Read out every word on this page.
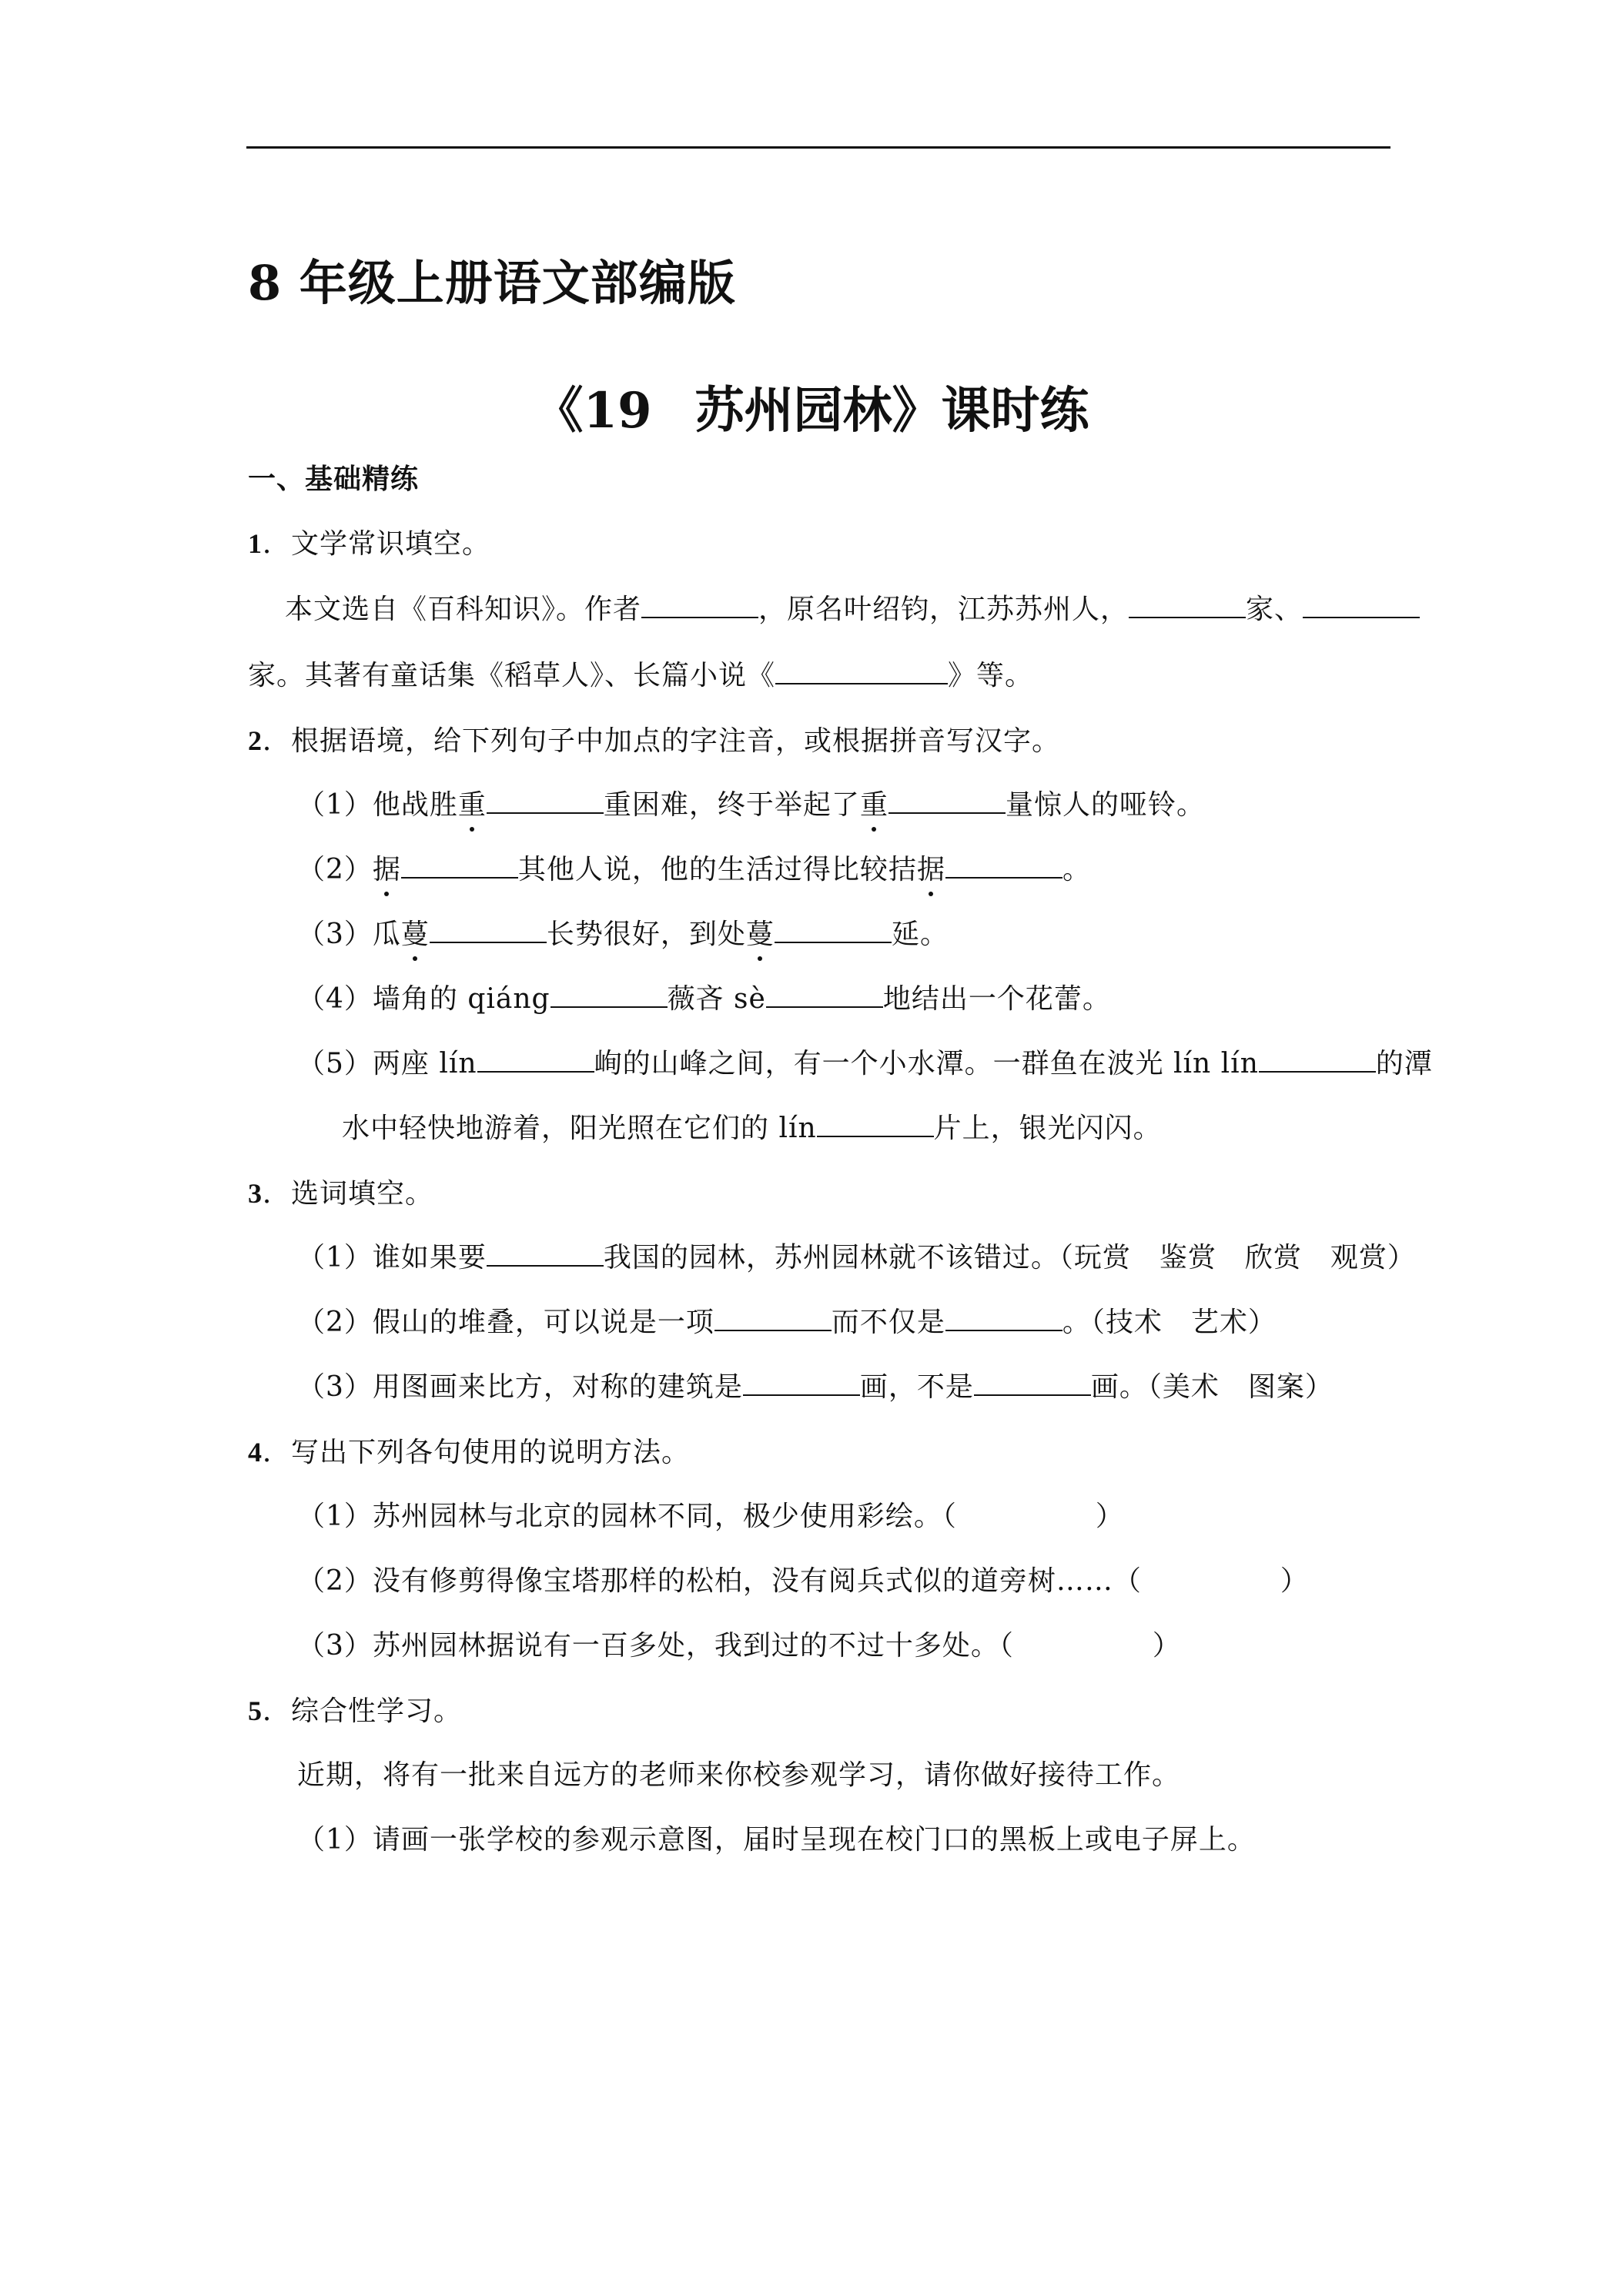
8 年级上册语文部编版
《19 苏州园林》课时练
一、基础精练
1．文学常识填空。
本文选自《百科知识》。作者	，原名叶绍钧，江苏苏州人，	家、
家。其著有童话集《稻草人》、长篇小说《	》等。
2．根据语境，给下列句子中加点的字注音，或根据拼音写汉字。
（1）他战胜重	重困难，终于举起了重	量惊人的哑铃。
（2）据	其他人说，他的生活过得比较拮据	。
（3）瓜蔓	长势很好，到处蔓	延。
（4）墙角的 qiáng	薇吝 sè	地结出一个花蕾。
（5）两座 lín	峋的山峰之间，有一个小水潭。一群鱼在波光 lín lín	的潭
水中轻快地游着，阳光照在它们的 lín	片上，银光闪闪。
3．选词填空。
（1）谁如果要	我国的园林，苏州园林就不该错过。（玩赏　鉴赏　欣赏　观赏）
（2）假山的堆叠，可以说是一项	而不仅是	。（技术　艺术）
（3）用图画来比方，对称的建筑是	画，不是	画。（美术　图案）
4．写出下列各句使用的说明方法。
（1）苏州园林与北京的园林不同，极少使用彩绘。（	）
（2）没有修剪得像宝塔那样的松柏，没有阅兵式似的道旁树……（	）
（3）苏州园林据说有一百多处，我到过的不过十多处。（	）
5．综合性学习。
近期，将有一批来自远方的老师来你校参观学习，请你做好接待工作。
（1）请画一张学校的参观示意图，届时呈现在校门口的黑板上或电子屏上。
